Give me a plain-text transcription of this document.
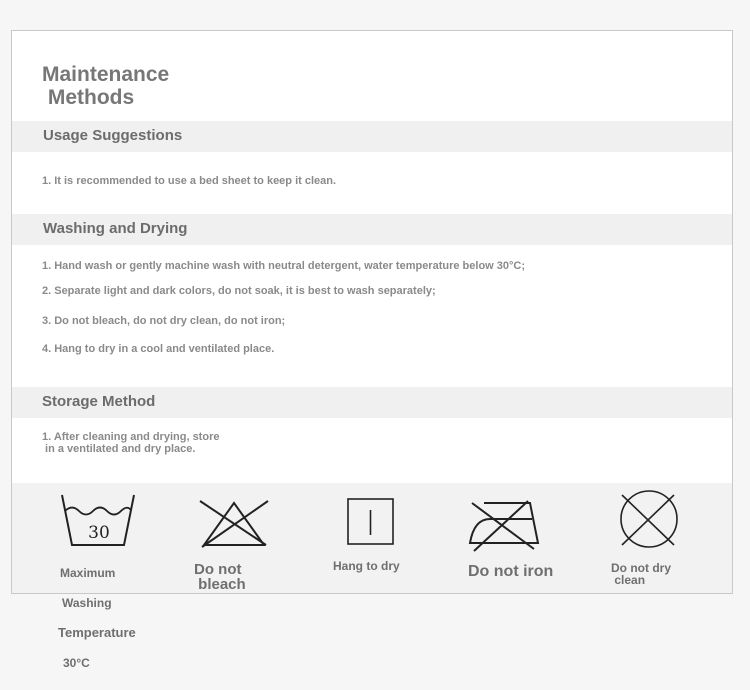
Maintenance
Methods
Usage Suggestions

1. It is recommended to use a bed sheet to keep it clean.

Washing and Drying

1. Hand wash or gently machine wash with neutral detergent, water temperature below 30°C;

2. Separate light and dark colors, do not soak, it is best to wash separately;

3. Do not bleach, do not dry clean, do not iron;

4. Hang to dry in a cool and ventilated place.

Storage Method

1. After cleaning and drying, store
in a ventilated and dry place.

30

Maximum

Washing

Temperature

30°C

Do not
bleach

Hang to dry	Do not iron	Do not dry
clean
